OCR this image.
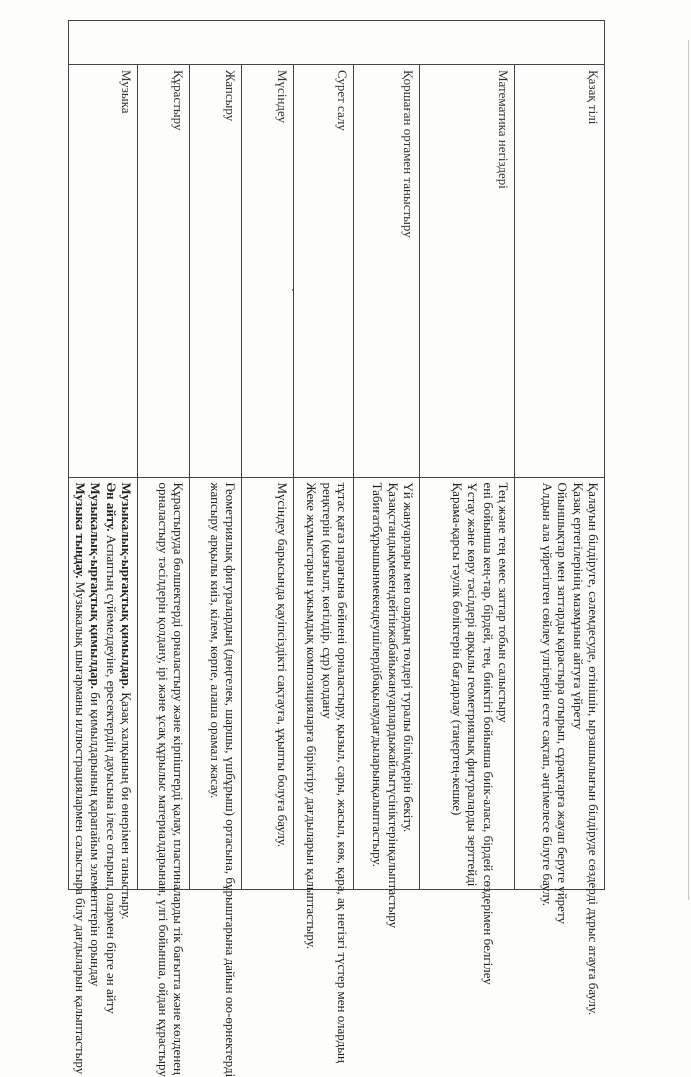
	Қазақ тілі	Қалауын білдіруге, сәлемдесуде, өтінішін, ырзашылығын білдіруде сөздерді дұрыс атауға баулу.
Қазақ ертегілерінің мазмұнын айтуға үйрету
Ойыншықтар мен заттарды қарастыра отырып, сұрақтарға жауап беруге үйрету
Алдын ала үйретілген сөйлеу үлгілерін есте сақтап, әңгімелесе білуге баулу.

	Математика негіздері	Тең және тең емес заттар тобын салыстыру
ені бойынша кең-тар, бірдей, тең, биіктігі бойынша биік-аласа, бірдей сөздерімен белгілеу
Ұстау және көру тәсілдері арқылы геометриялық фигураларды зерттейді
Қарама-қарсы тәулік бөліктерін бағдарлау (таңертең-кешке)

	Қоршаған ортамен таныстыру	Үй жануарлары мен олардың төлдері туралы білімдерін бекіту.
Қазақстандықмекендейтінжабайыжануарлардыжайлытүсініктерінқалыптастыру
Табиғатбұрышынмекендеушілердібақылаудағдыларынқалыптастыру.

	Сурет салу	тұтас қағаз парағына бейнені орналастыру, қызыл, сары, жасыл, көк, қара, ақ негізгі түстер мен олардың
реңктерін (қызғылт, көгілдір, сұр) қолдану
Жеке жұмыстарын ұжымдық композицияларға біріктіру дағдыларын қалыптастыру.

	Мүсіндеу	Мүсіндеу барысында қауіпсіздікті сақтауға, ұқыпты болуға баулу.

	Жапсыру	Геометриялық фигуралардың (дөңгелек, шаршы, үшбұрыш) ортасына, бұрыштарына дайын ою-өрнектерді
жапсыру арқылы киіз, кілем, көрпе, алаша орамал жасау.

	Құрастыру	Құрастыруда бөлшектерді орналастыру және кірпіштерді қалау, пластиналарды тік бағытта және көлденең
орналастыру тәсілдерін қолдану, ірі және ұсақ құрылыс материалдарынан, үлгі бойынша, ойдан құрастыру

	Музыка	Музыкалық-ырғақтық қимылдар. Қазақ халқының би өнерімен таныстыру.
Ән айту. Аспаптың сүйемелдеуіне, ересектердің дауысына ілесе отырып, олармен бірге ән айту
Музыкалық-ырғақтық қимылдар. би қимылдарының қарапайым элементтерін орындау
Музыка тыңдау. Музыкалық шығарманы иллюстрациялармен салыстыра білу дағдыларын қалыптастыру
